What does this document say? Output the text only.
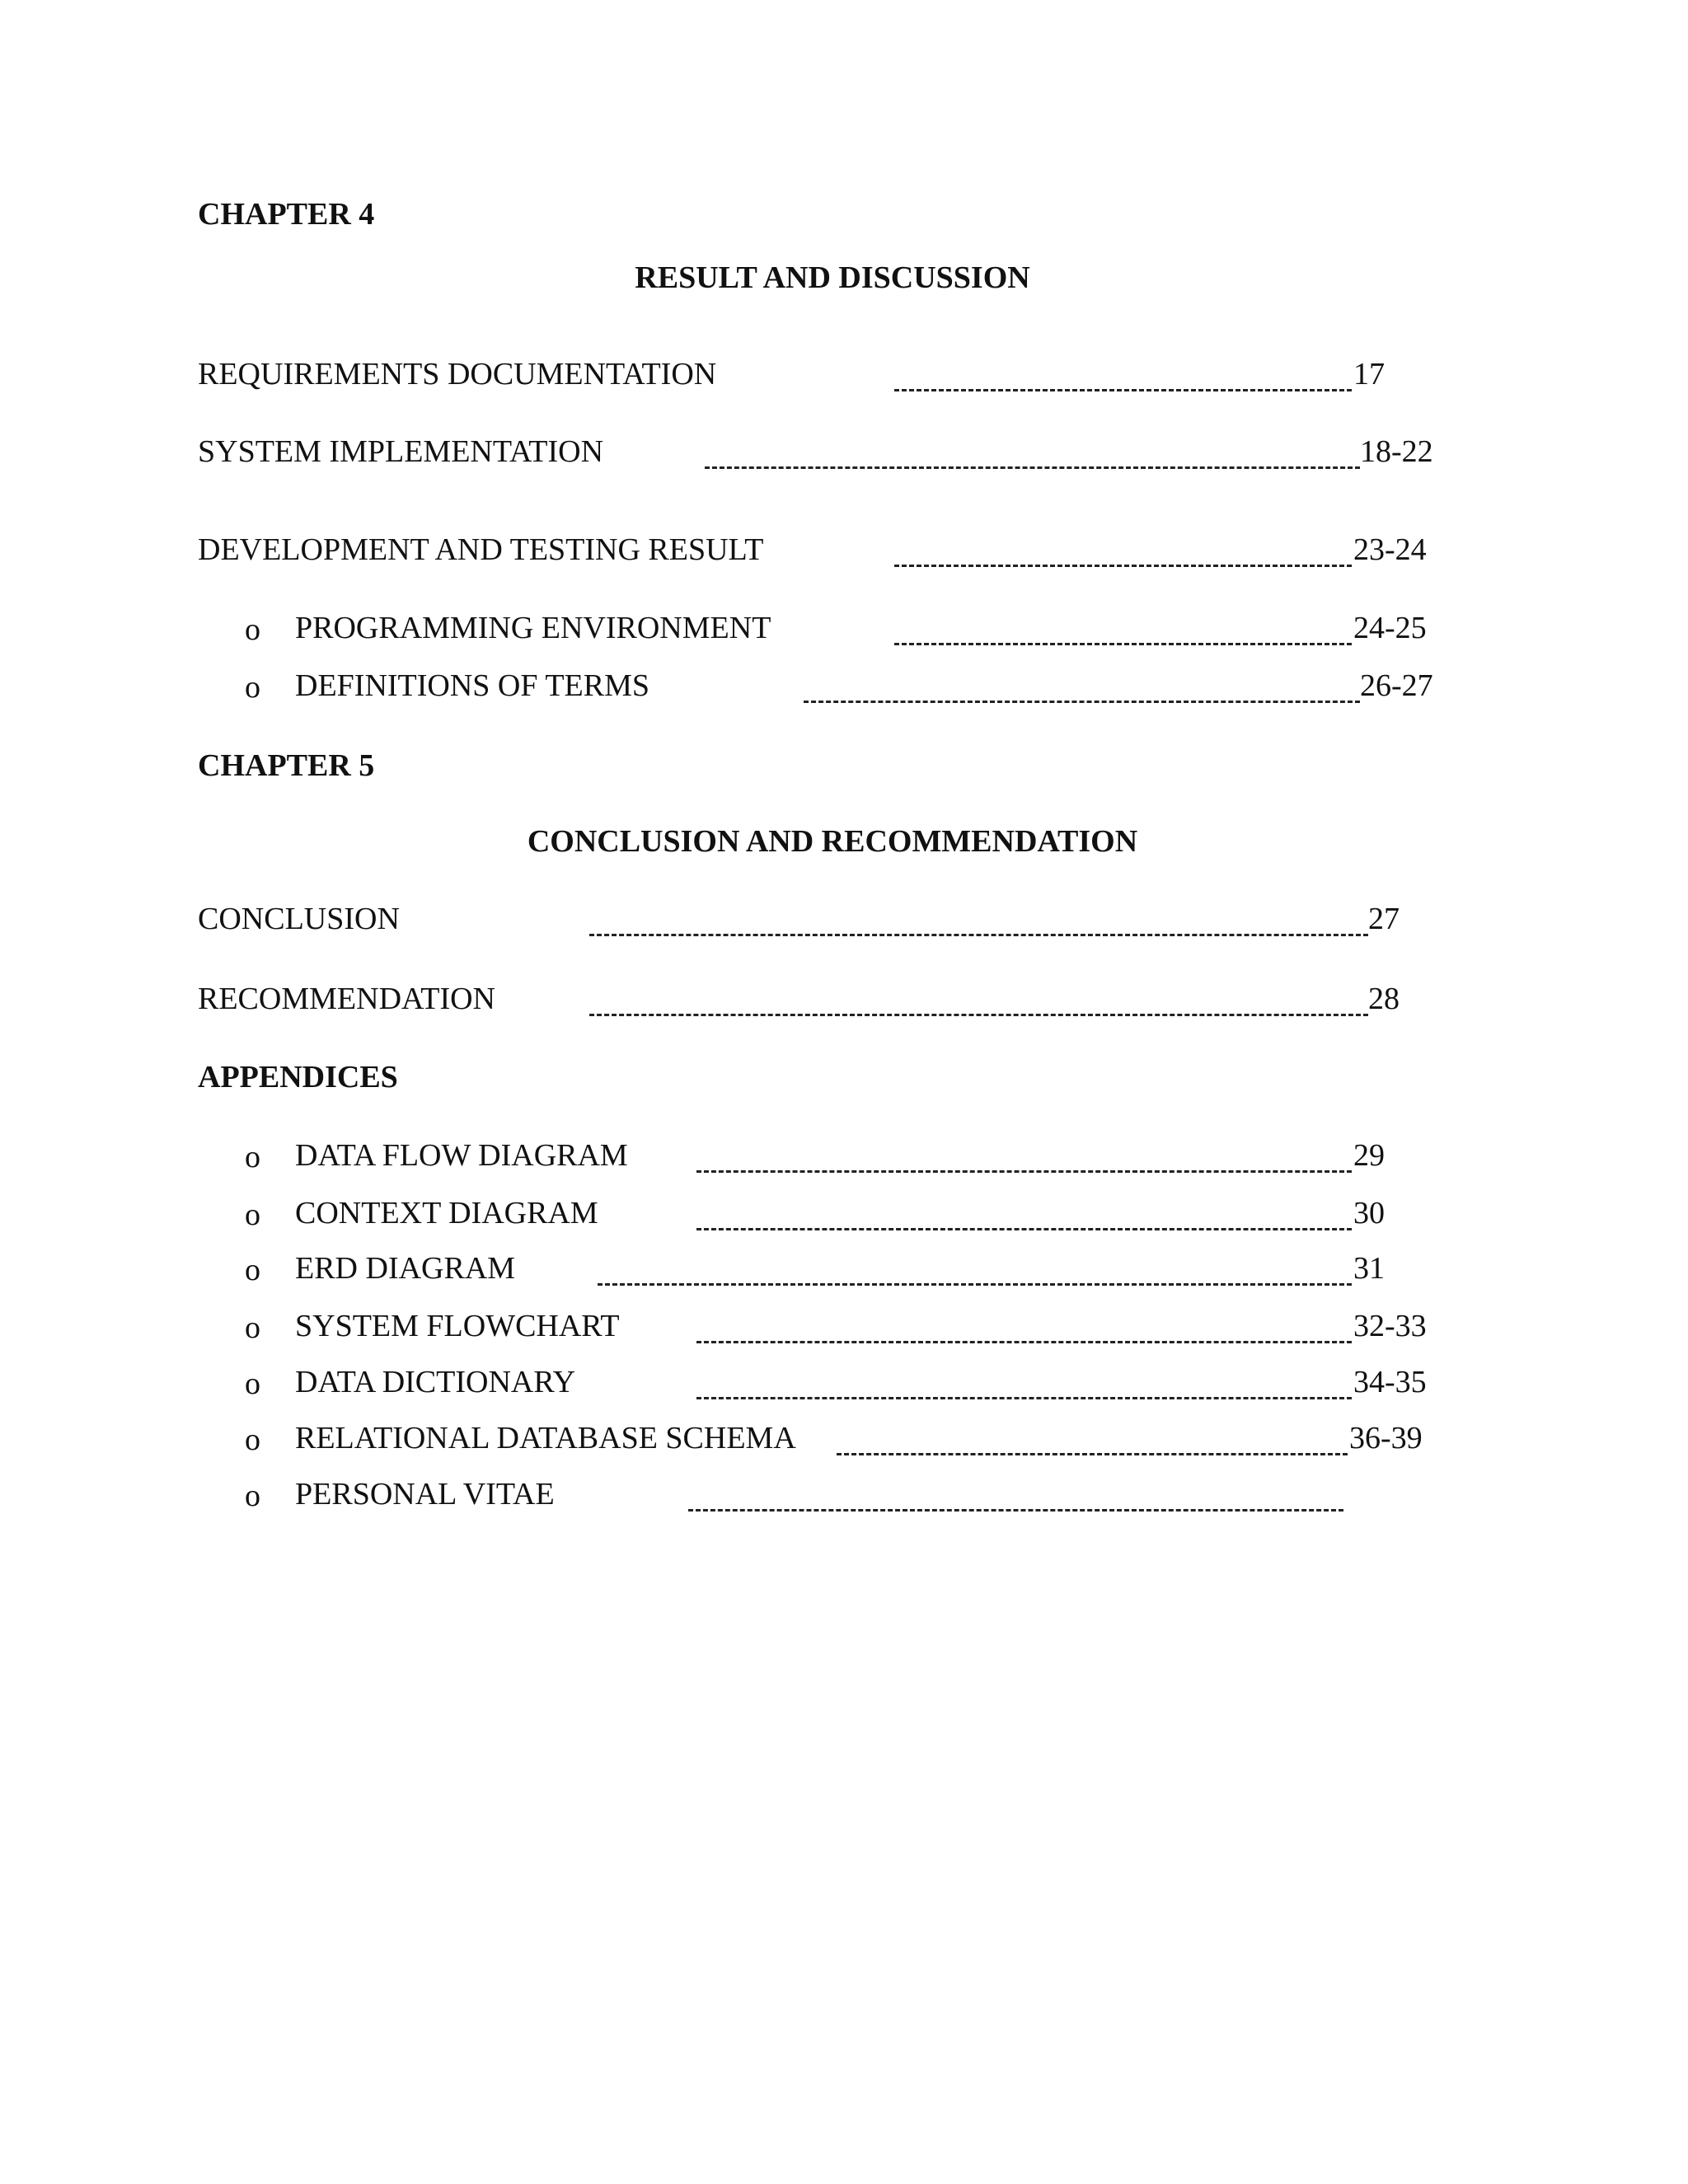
CHAPTER 4
RESULT AND DISCUSSION
REQUIREMENTS DOCUMENTATION	17
SYSTEM IMPLEMENTATION	18-22
DEVELOPMENT AND TESTING RESULT	23-24
o PROGRAMMING ENVIRONMENT	24-25
o DEFINITIONS OF TERMS	26-27
CHAPTER 5
CONCLUSION AND RECOMMENDATION
CONCLUSION	27
RECOMMENDATION	28
APPENDICES
o DATA FLOW DIAGRAM	29
o CONTEXT DIAGRAM	30
o ERD DIAGRAM	31
o SYSTEM FLOWCHART	32-33
o DATA DICTIONARY	34-35
o RELATIONAL DATABASE SCHEMA	36-39
o PERSONAL VITAE
